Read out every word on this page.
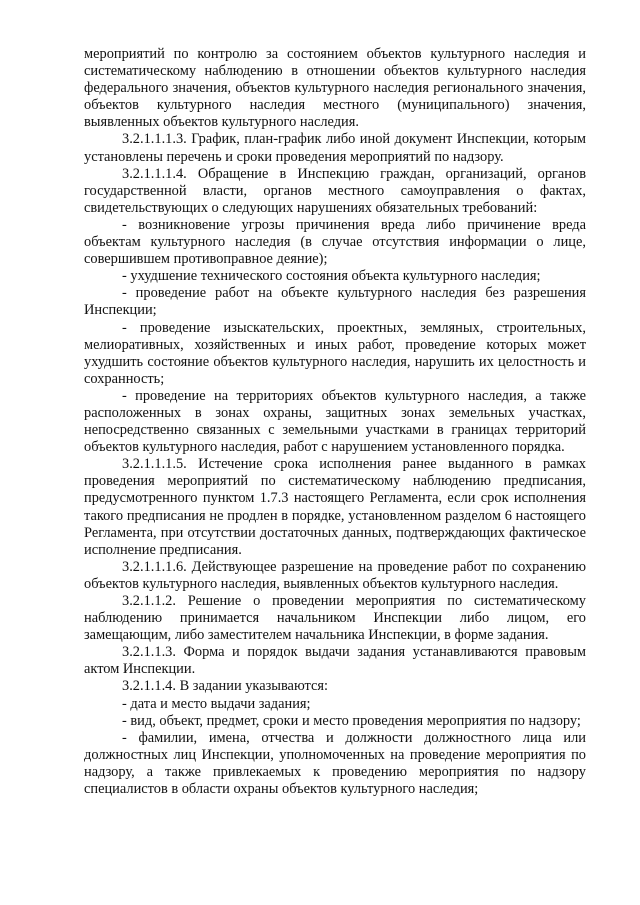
мероприятий по контролю за состоянием объектов культурного наследия и систематическому наблюдению в отношении объектов культурного наследия федерального значения, объектов культурного наследия регионального значения, объектов культурного наследия местного (муниципального) значения, выявленных объектов культурного наследия.

3.2.1.1.1.3. График, план-график либо иной документ Инспекции, которым установлены перечень и сроки проведения мероприятий по надзору.

3.2.1.1.1.4. Обращение в Инспекцию граждан, организаций, органов государственной власти, органов местного самоуправления о фактах, свидетельствующих о следующих нарушениях обязательных требований:

- возникновение угрозы причинения вреда либо причинение вреда объектам культурного наследия (в случае отсутствия информации о лице, совершившем противоправное деяние);

- ухудшение технического состояния объекта культурного наследия;

- проведение работ на объекте культурного наследия без разрешения Инспекции;

- проведение изыскательских, проектных, земляных, строительных, мелиоративных, хозяйственных и иных работ, проведение которых может ухудшить состояние объектов культурного наследия, нарушить их целостность и сохранность;

- проведение на территориях объектов культурного наследия, а также расположенных в зонах охраны, защитных зонах земельных участках, непосредственно связанных с земельными участками в границах территорий объектов культурного наследия, работ с нарушением установленного порядка.

3.2.1.1.1.5. Истечение срока исполнения ранее выданного в рамках проведения мероприятий по систематическому наблюдению предписания, предусмотренного пунктом 1.7.3 настоящего Регламента, если срок исполнения такого предписания не продлен в порядке, установленном разделом 6 настоящего Регламента, при отсутствии достаточных данных, подтверждающих фактическое исполнение предписания.

3.2.1.1.1.6. Действующее разрешение на проведение работ по сохранению объектов культурного наследия, выявленных объектов культурного наследия.

3.2.1.1.2. Решение о проведении мероприятия по систематическому наблюдению принимается начальником Инспекции либо лицом, его замещающим, либо заместителем начальника Инспекции, в форме задания.

3.2.1.1.3. Форма и порядок выдачи задания устанавливаются правовым актом Инспекции.

3.2.1.1.4. В задании указываются:

- дата и место выдачи задания;

- вид, объект, предмет, сроки и место проведения мероприятия по надзору;

- фамилии, имена, отчества и должности должностного лица или должностных лиц Инспекции, уполномоченных на проведение мероприятия по надзору, а также привлекаемых к проведению мероприятия по надзору специалистов в области охраны объектов культурного наследия;
